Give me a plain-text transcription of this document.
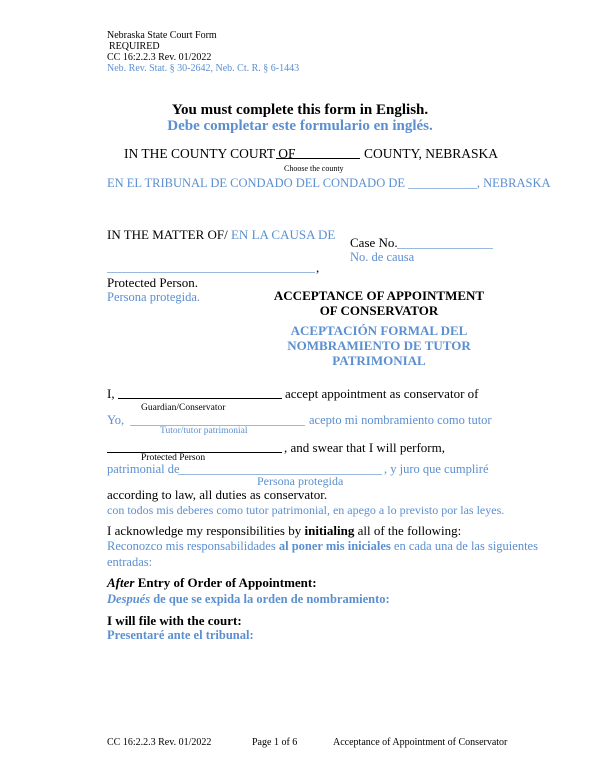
Nebraska State Court Form
REQUIRED
CC 16:2.2.3 Rev. 01/2022
Neb. Rev. Stat. § 30-2642, Neb. Ct. R. § 6-1443
You must complete this form in English.
Debe completar este formulario en inglés.
IN THE COUNTY COURT OF	COUNTY, NEBRASKA
Choose the county
EN EL TRIBUNAL DE CONDADO DEL CONDADO DE ___________, NEBRASKA
IN THE MATTER OF/ EN LA CAUSA DE
Case No.
No. de causa
,
Protected Person.
Persona protegida.	ACCEPTANCE OF APPOINTMENT
OF CONSERVATOR
ACEPTACIÓN FORMAL DEL
NOMBRAMIENTO DE TUTOR
PATRIMONIAL
I,	accept appointment as conservator of
Guardian/Conservator
Yo,	acepto mi nombramiento como tutor
Tutor/tutor patrimonial
, and swear that I will perform,
Protected Person
patrimonial de	, y juro que cumpliré
Persona protegida
according to law, all duties as conservator.
con todos mis deberes como tutor patrimonial, en apego a lo previsto por las leyes.
I acknowledge my responsibilities by initialing all of the following:
Reconozco mis responsabilidades al poner mis iniciales en cada una de las siguientes
entradas:
After Entry of Order of Appointment:
Después de que se expida la orden de nombramiento:
I will file with the court:
Presentaré ante el tribunal:
CC 16:2.2.3 Rev. 01/2022	Page 1 of 6	Acceptance of Appointment of Conservator
